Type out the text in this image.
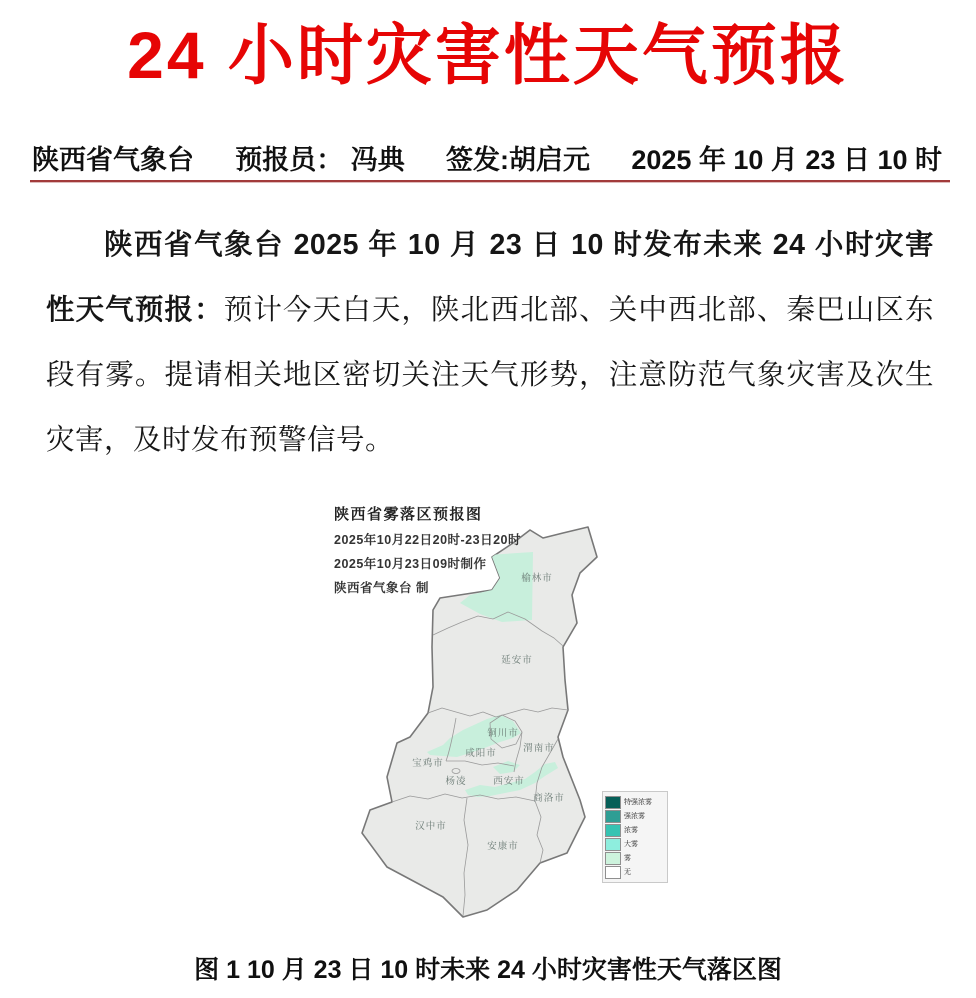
24 小时灾害性天气预报
陕西省气象台 预报员： 冯典 签发:胡启元 2025 年 10 月 23 日 10 时
陕西省气象台 2025 年 10 月 23 日 10 时发布未来 24 小时灾害
性天气预报：预计今天白天，陕北西北部、关中西北部、秦巴山区东
段有雾。提请相关地区密切关注天气形势，注意防范气象灾害及次生
灾害，及时发布预警信号。
陕西省雾落区预报图
2025年10月22日20时-23日20时
2025年10月23日09时制作
陕西省气象台 制
榆林市
延安市
铜川市
渭南市
咸阳市
宝鸡市
杨凌	西安市
商洛市
汉中市
安康市
特强浓雾
强浓雾
浓雾
大雾
雾
无
图 1 10 月 23 日 10 时未来 24 小时灾害性天气落区图
